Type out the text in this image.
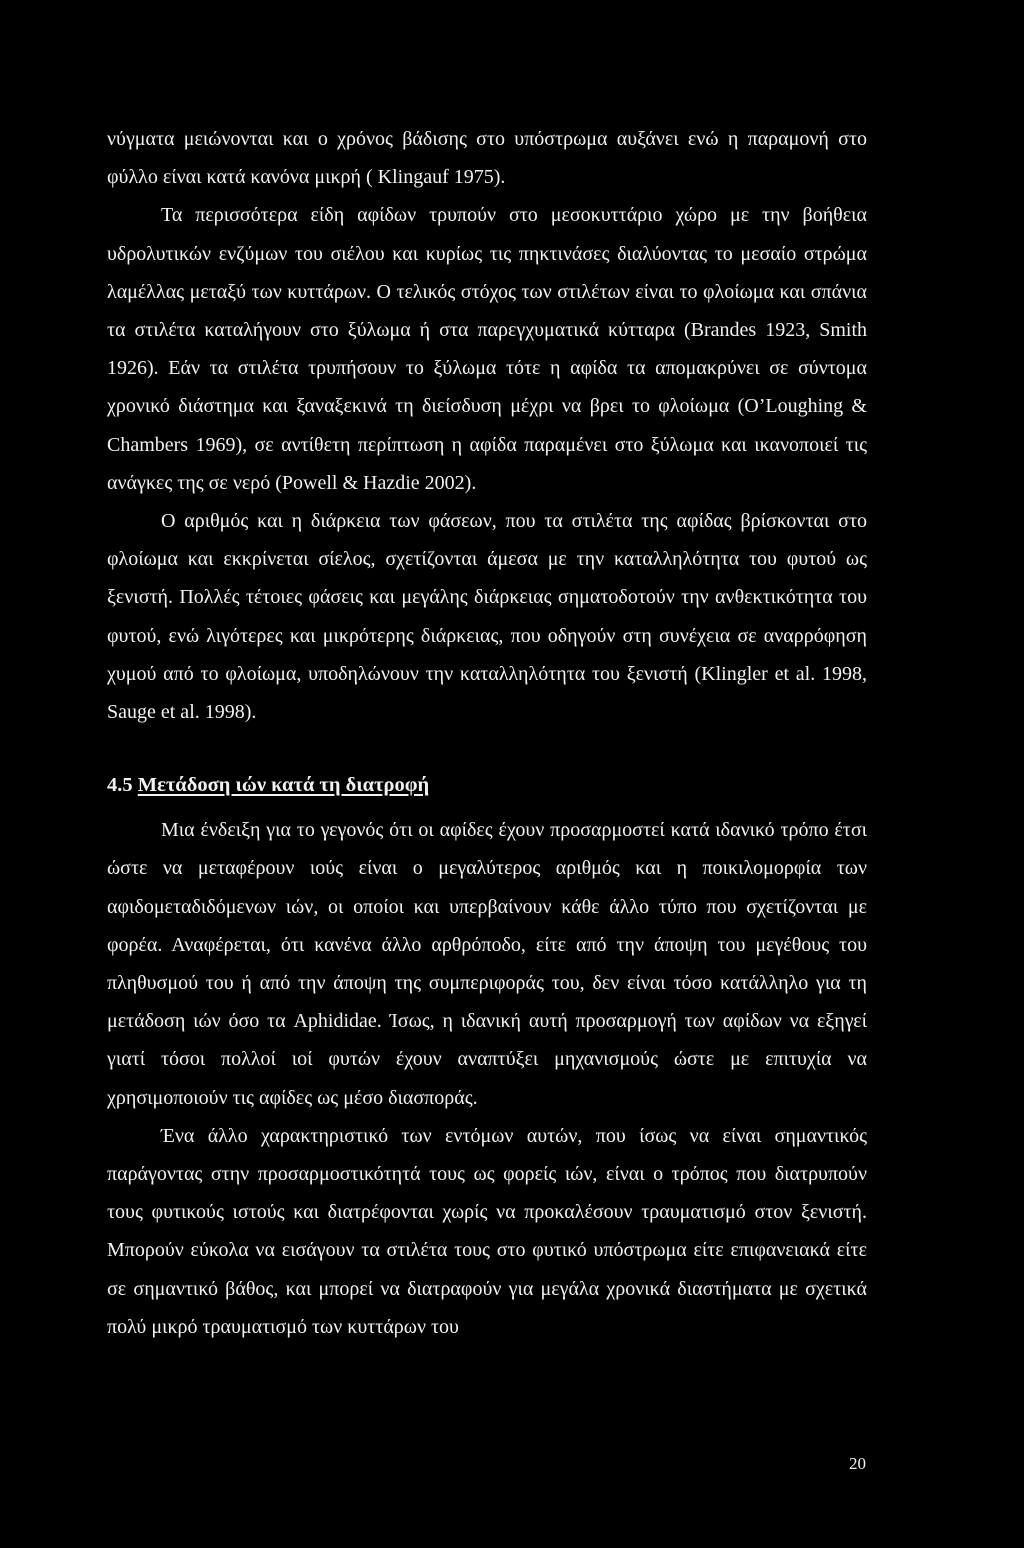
νύγματα μειώνονται και ο χρόνος βάδισης στο υπόστρωμα αυξάνει ενώ η παραμονή στο φύλλο είναι κατά κανόνα μικρή ( Klingauf 1975).

Τα περισσότερα είδη αφίδων τρυπούν στο μεσοκυττάριο χώρο με την βοήθεια υδρολυτικών ενζύμων του σιέλου και κυρίως τις πηκτινάσες διαλύοντας το μεσαίο στρώμα λαμέλλας μεταξύ των κυττάρων. Ο τελικός στόχος των στιλέτων είναι το φλοίωμα και σπάνια τα στιλέτα καταλήγουν στο ξύλωμα ή στα παρεγχυματικά κύτταρα (Brandes 1923, Smith 1926). Εάν τα στιλέτα τρυπήσουν το ξύλωμα τότε η αφίδα τα απομακρύνει σε σύντομα χρονικό διάστημα και ξαναξεκινά τη διείσδυση μέχρι να βρει το φλοίωμα (O’Loughing & Chambers 1969), σε αντίθετη περίπτωση η αφίδα παραμένει στο ξύλωμα και ικανοποιεί τις ανάγκες της σε νερό (Powell & Hazdie 2002).

Ο αριθμός και η διάρκεια των φάσεων, που τα στιλέτα της αφίδας βρίσκονται στο φλοίωμα και εκκρίνεται σίελος, σχετίζονται άμεσα με την καταλληλότητα του φυτού ως ξενιστή. Πολλές τέτοιες φάσεις και μεγάλης διάρκειας σηματοδοτούν την ανθεκτικότητα του φυτού, ενώ λιγότερες και μικρότερης διάρκειας, που οδηγούν στη συνέχεια σε αναρρόφηση χυμού από το φλοίωμα, υποδηλώνουν την καταλληλότητα του ξενιστή (Klingler et al. 1998, Sauge et al. 1998).

4.5 Μετάδοση ιών κατά τη διατροφή

Μια ένδειξη για το γεγονός ότι οι αφίδες έχουν προσαρμοστεί κατά ιδανικό τρόπο έτσι ώστε να μεταφέρουν ιούς είναι ο μεγαλύτερος αριθμός και η ποικιλομορφία των αφιδομεταδιδόμενων ιών, οι οποίοι και υπερβαίνουν κάθε άλλο τύπο που σχετίζονται με φορέα. Αναφέρεται, ότι κανένα άλλο αρθρόποδο, είτε από την άποψη του μεγέθους του πληθυσμού του ή από την άποψη της συμπεριφοράς του, δεν είναι τόσο κατάλληλο για τη μετάδοση ιών όσο τα Aphididae. Ίσως, η ιδανική αυτή προσαρμογή των αφίδων να εξηγεί γιατί τόσοι πολλοί ιοί φυτών έχουν αναπτύξει μηχανισμούς ώστε με επιτυχία να χρησιμοποιούν τις αφίδες ως μέσο διασποράς.

Ένα άλλο χαρακτηριστικό των εντόμων αυτών, που ίσως να είναι σημαντικός παράγοντας στην προσαρμοστικότητά τους ως φορείς ιών, είναι ο τρόπος που διατρυπούν τους φυτικούς ιστούς και διατρέφονται χωρίς να προκαλέσουν τραυματισμό στον ξενιστή. Μπορούν εύκολα να εισάγουν τα στιλέτα τους στο φυτικό υπόστρωμα είτε επιφανειακά είτε σε σημαντικό βάθος, και μπορεί να διατραφούν για μεγάλα χρονικά διαστήματα με σχετικά πολύ μικρό τραυματισμό των κυττάρων του

20
